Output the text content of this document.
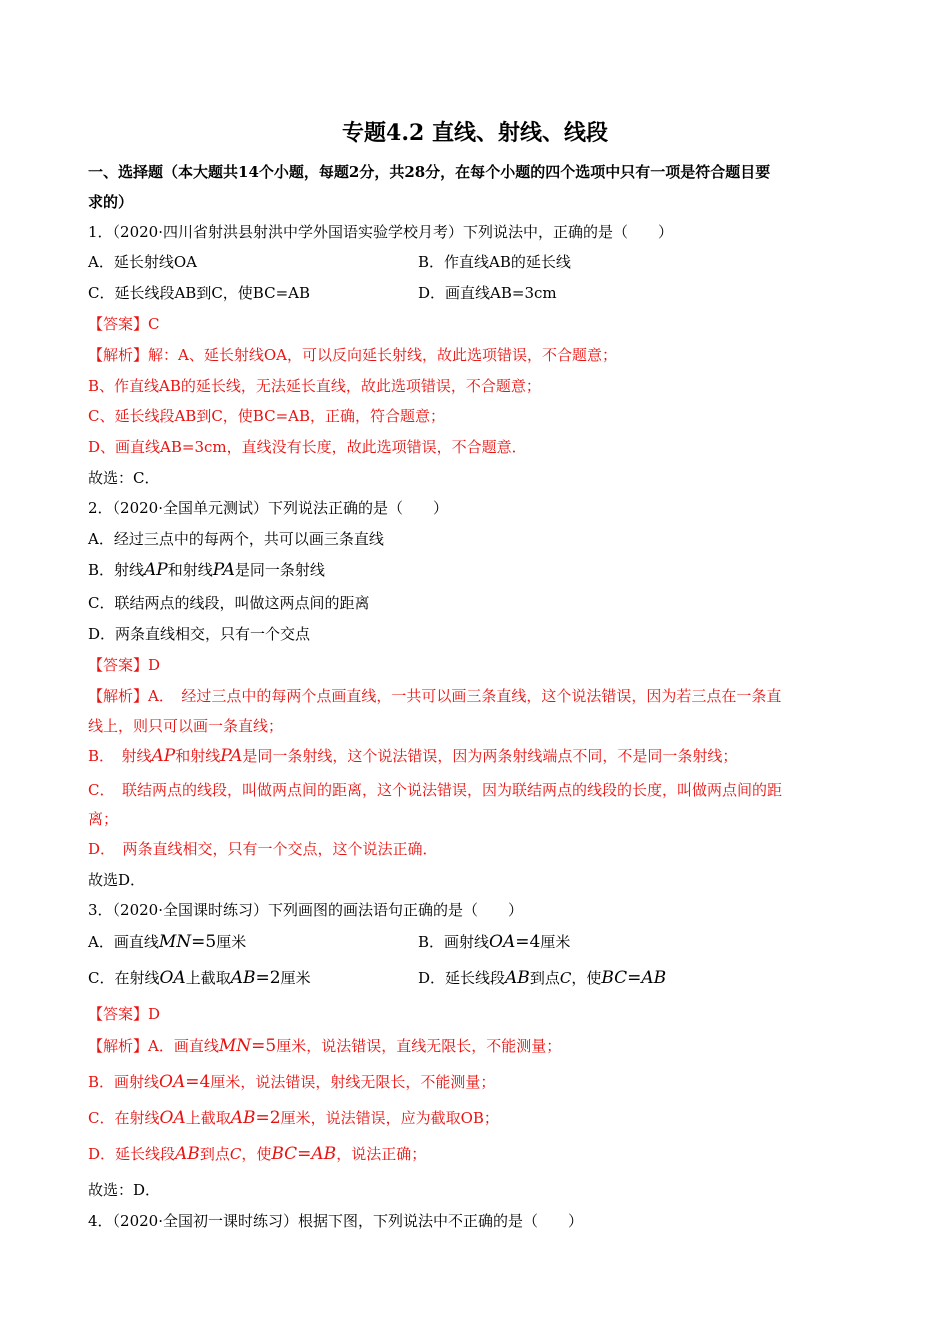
专题4.2 直线、射线、线段
一、选择题（本大题共14个小题，每题2分，共28分，在每个小题的四个选项中只有一项是符合题目要
求的）
1．（2020·四川省射洪县射洪中学外国语实验学校月考）下列说法中，正确的是（　　）
A．延长射线OA	B．作直线AB的延长线
C．延长线段AB到C，使BC=AB	D．画直线AB=3cm
【答案】C
【解析】解：A、延长射线OA，可以反向延长射线，故此选项错误，不合题意；
B、作直线AB的延长线，无法延长直线，故此选项错误，不合题意；
C、延长线段AB到C，使BC=AB，正确，符合题意；
D、画直线AB=3cm，直线没有长度，故此选项错误，不合题意．
故选：C．
2．（2020·全国单元测试）下列说法正确的是（　　）
A．经过三点中的每两个，共可以画三条直线
B．射线AP和射线PA是同一条射线
C．联结两点的线段，叫做这两点间的距离
D．两条直线相交，只有一个交点
【答案】D
【解析】A．　经过三点中的每两个点画直线，一共可以画三条直线，这个说法错误，因为若三点在一条直
线上，则只可以画一条直线；
B．　射线AP和射线PA是同一条射线，这个说法错误，因为两条射线端点不同，不是同一条射线；
C．　联结两点的线段，叫做两点间的距离，这个说法错误，因为联结两点的线段的长度，叫做两点间的距
离；
D．　两条直线相交，只有一个交点，这个说法正确．
故选D．
3．（2020·全国课时练习）下列画图的画法语句正确的是（　　）
A．画直线MN=5厘米	B．画射线OA=4厘米
C．在射线OA上截取AB=2厘米	D．延长线段AB到点C，使BC=AB
【答案】D
【解析】A．画直线MN=5厘米，说法错误，直线无限长，不能测量；
B．画射线OA=4厘米，说法错误，射线无限长，不能测量；
C．在射线OA上截取AB=2厘米，说法错误，应为截取OB；
D．延长线段AB到点C，使BC=AB，说法正确；
故选：D．
4．（2020·全国初一课时练习）根据下图，下列说法中不正确的是（　　）
